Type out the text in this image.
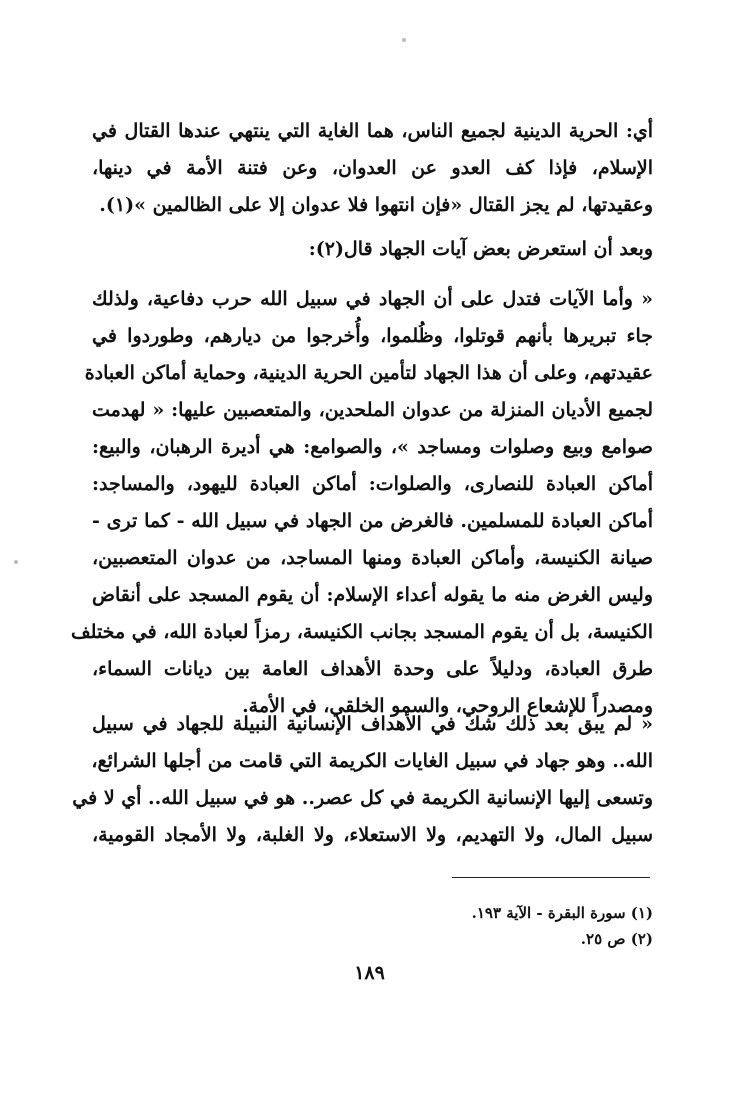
أي: الحرية الدينية لجميع الناس، هما الغاية التي ينتهي عندها القتال في
الإسلام، فإذا كف العدو عن العدوان، وعن فتنة الأمة في دينها،
وعقيدتها، لم يجز القتال «فإن انتهوا فلا عدوان إلا على الظالمين »(١).
وبعد أن استعرض بعض آيات الجهاد قال(٢):
« وأما الآيات فتدل على أن الجهاد في سبيل الله حرب دفاعية، ولذلك
جاء تبريرها بأنهم قوتلوا، وظُلموا، وأُخرجوا من ديارهم، وطوردوا في
عقيدتهم، وعلى أن هذا الجهاد لتأمين الحرية الدينية، وحماية أماكن العبادة
لجميع الأديان المنزلة من عدوان الملحدين، والمتعصبين عليها: « لهدمت
صوامع وبيع وصلوات ومساجد »، والصوامع: هي أديرة الرهبان، والبيع:
أماكن العبادة للنصارى، والصلوات: أماكن العبادة لليهود، والمساجد:
أماكن العبادة للمسلمين. فالغرض من الجهاد في سبيل الله - كما ترى -
صيانة الكنيسة، وأماكن العبادة ومنها المساجد، من عدوان المتعصبين،
وليس الغرض منه ما يقوله أعداء الإسلام: أن يقوم المسجد على أنقاض
الكنيسة، بل أن يقوم المسجد بجانب الكنيسة، رمزاً لعبادة الله، في مختلف
طرق العبادة، ودليلاً على وحدة الأهداف العامة بين ديانات السماء،
ومصدراً للإشعاع الروحي، والسمو الخلقي، في الأمة.
« لم يبق بعد ذلك شك في الأهداف الإنسانية النبيلة للجهاد في سبيل
الله.. وهو جهاد في سبيل الغايات الكريمة التي قامت من أجلها الشرائع،
وتسعى إليها الإنسانية الكريمة في كل عصر.. هو في سبيل الله.. أي لا في
سبيل المال، ولا التهديم، ولا الاستعلاء، ولا الغلبة، ولا الأمجاد القومية،
(١) سورة البقرة - الآية ١٩٣.
(٢) ص ٢٥.
١٨٩
